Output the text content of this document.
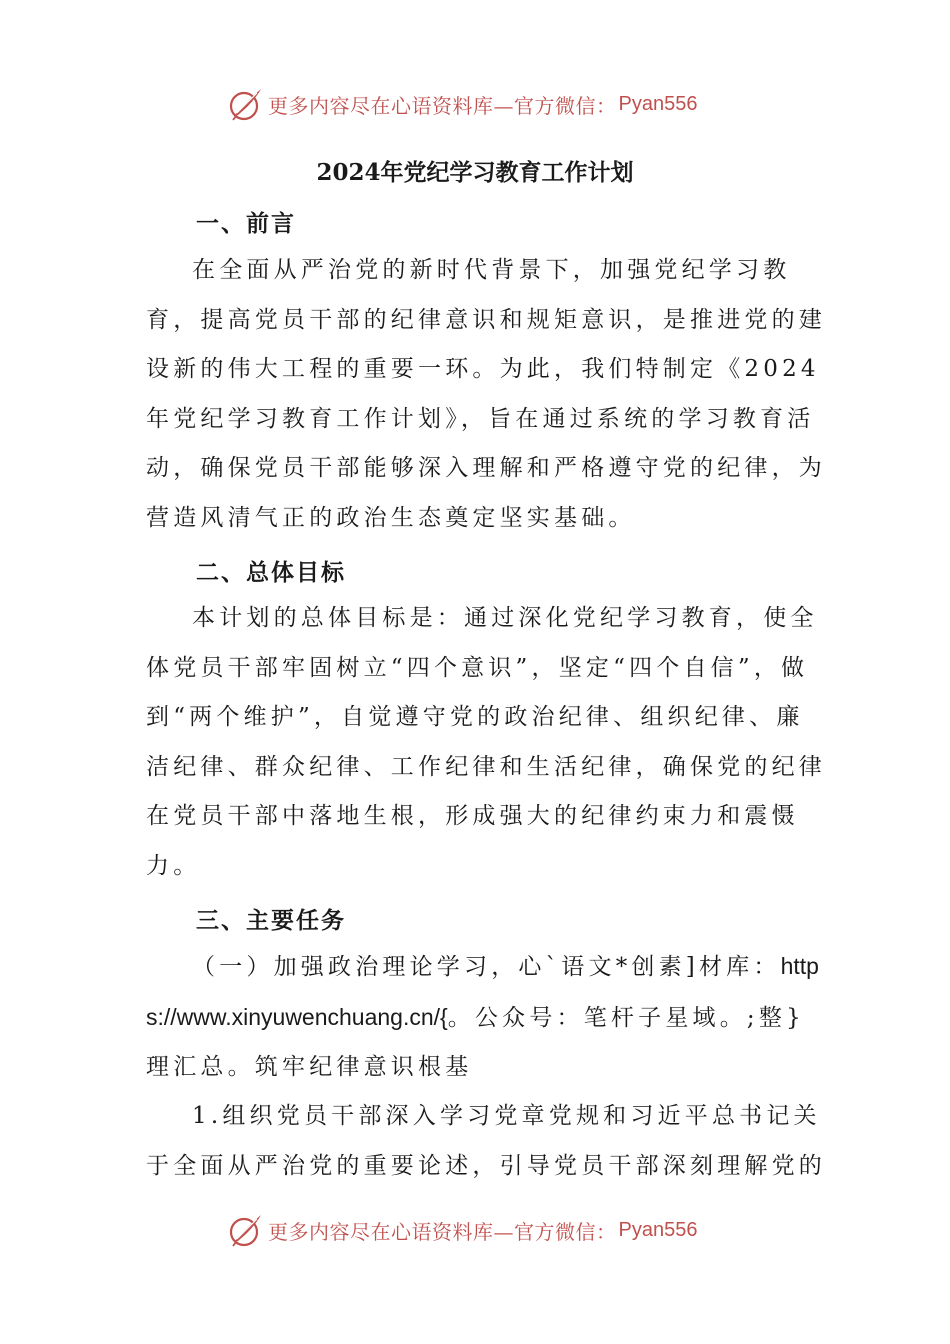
更多内容尽在心语资料库—官方微信： Pyan556
2024年党纪学习教育工作计划
一、前言

在全面从严治党的新时代背景下，加强党纪学习教育，提高党员干部的纪律意识和规矩意识，是推进党的建设新的伟大工程的重要一环。为此，我们特制定《2024年党纪学习教育工作计划》，旨在通过系统的学习教育活动，确保党员干部能够深入理解和严格遵守党的纪律，为营造风清气正的政治生态奠定坚实基础。

二、总体目标

本计划的总体目标是：通过深化党纪学习教育，使全体党员干部牢固树立“四个意识”，坚定“四个自信”，做到“两个维护”，自觉遵守党的政治纪律、组织纪律、廉洁纪律、群众纪律、工作纪律和生活纪律，确保党的纪律在党员干部中落地生根，形成强大的纪律约束力和震慑力。

三、主要任务

（一）加强政治理论学习，心`语文*创素]材库：https://www.xinyuwenchuang.cn/{。公众号：笔杆子星域。;整}理汇总。筑牢纪律意识根基

1.组织党员干部深入学习党章党规和习近平总书记关于全面从严治党的重要论述，引导党员干部深刻理解党的

更多内容尽在心语资料库—官方微信： Pyan556
